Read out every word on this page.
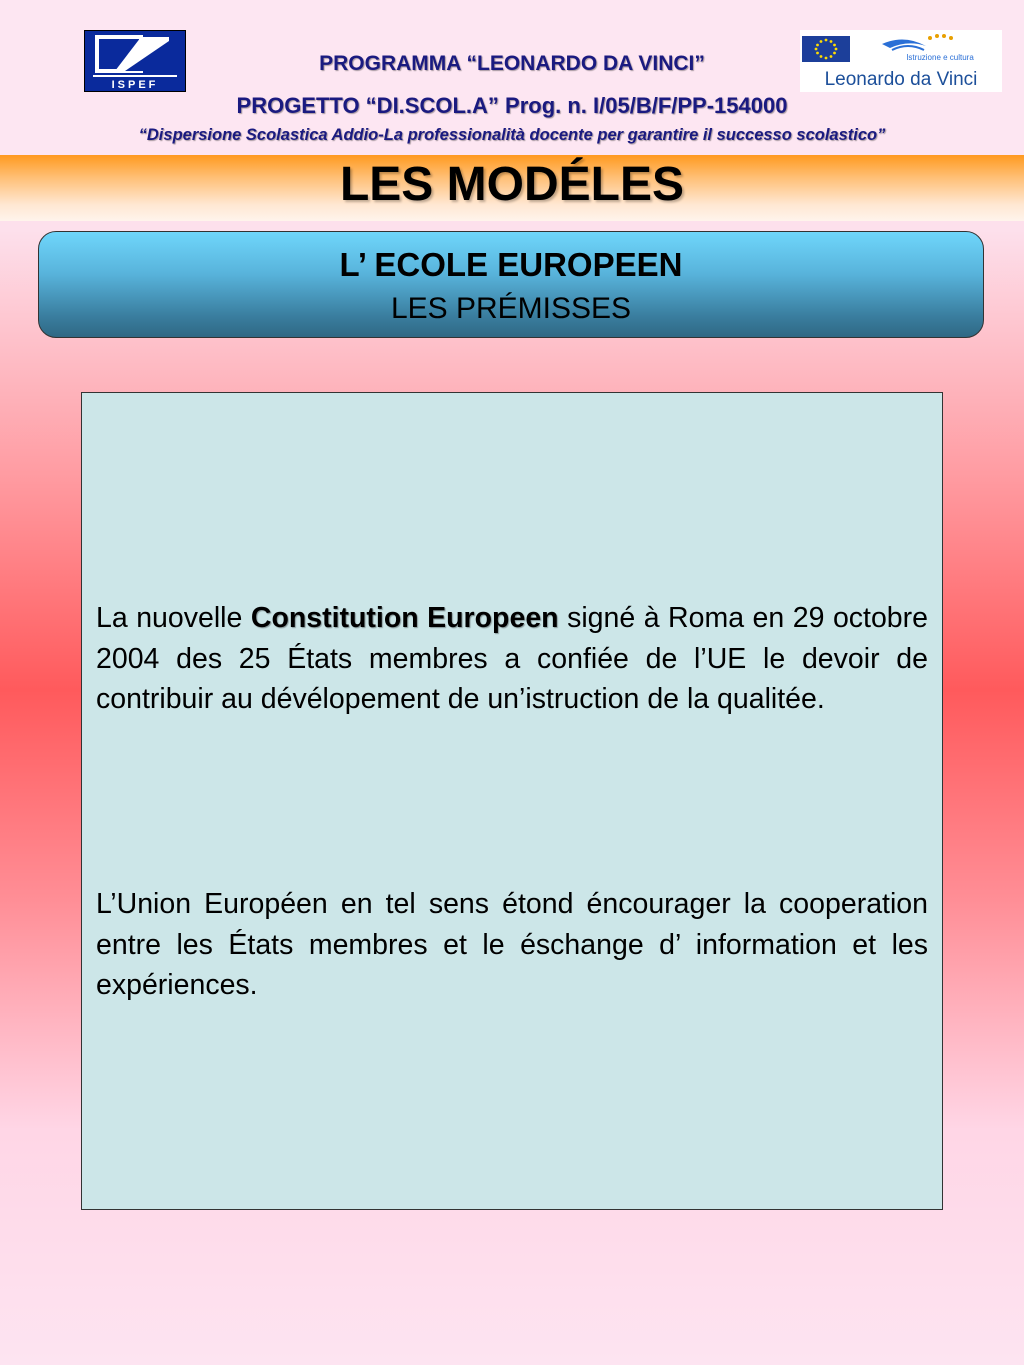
ISPEF
Istruzione e cultura
Leonardo da Vinci
PROGRAMMA “LEONARDO DA VINCI”
PROGETTO “DI.SCOL.A” Prog. n. I/05/B/F/PP-154000
“Dispersione Scolastica Addio-La professionalità docente per garantire il successo scolastico”
LES MODÉLES
L’ ECOLE EUROPEEN
LES PRÉMISSES
La nuovelle Constitution Europeen signé à Roma en 29 octobre 2004 des 25 États membres a confiée de l’UE le devoir de contribuir au dévélopement de un’istruction de la qualitée.
L’Union Européen en tel sens étond éncourager la cooperation entre les États membres et le éschange d’ information et les expériences.
